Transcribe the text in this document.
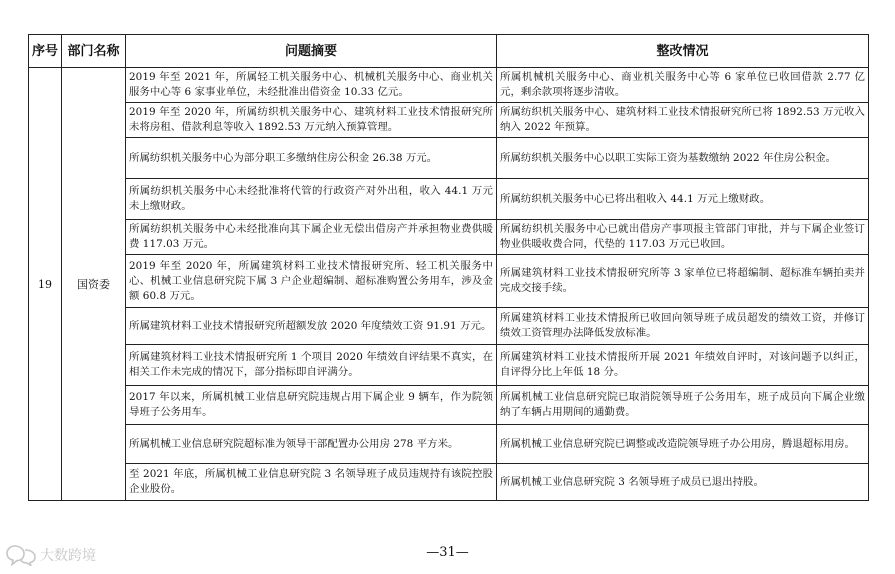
序号	部门名称	问题摘要	整改情况
19	国资委	2019 年至 2021 年，所属轻工机关服务中心、机械机关服务中心、商业机关服务中心等 6 家事业单位，未经批准出借资金 10.33 亿元。	所属机械机关服务中心、商业机关服务中心等 6 家单位已收回借款 2.77 亿元，剩余款项将逐步清收。
		2019 年至 2020 年，所属纺织机关服务中心、建筑材料工业技术情报研究所未将房租、借款利息等收入 1892.53 万元纳入预算管理。	所属纺织机关服务中心、建筑材料工业技术情报研究所已将 1892.53 万元收入纳入 2022 年预算。
		所属纺织机关服务中心为部分职工多缴纳住房公积金 26.38 万元。	所属纺织机关服务中心以职工实际工资为基数缴纳 2022 年住房公积金。
		所属纺织机关服务中心未经批准将代管的行政资产对外出租，收入 44.1 万元未上缴财政。	所属纺织机关服务中心已将出租收入 44.1 万元上缴财政。
		所属纺织机关服务中心未经批准向其下属企业无偿出借房产并承担物业费供暖费 117.03 万元。	所属纺织机关服务中心已就出借房产事项报主管部门审批，并与下属企业签订物业供暖收费合同，代垫的 117.03 万元已收回。
		2019 年至 2020 年，所属建筑材料工业技术情报研究所、轻工机关服务中心、机械工业信息研究院下属 3 户企业超编制、超标准购置公务用车，涉及金额 60.8 万元。	所属建筑材料工业技术情报研究所等 3 家单位已将超编制、超标准车辆拍卖并完成交接手续。
		所属建筑材料工业技术情报研究所超额发放 2020 年度绩效工资 91.91 万元。	所属建筑材料工业技术情报所已收回向领导班子成员超发的绩效工资，并修订绩效工资管理办法降低发放标准。
		所属建筑材料工业技术情报研究所 1 个项目 2020 年绩效自评结果不真实，在相关工作未完成的情况下，部分指标即自评满分。	所属建筑材料工业技术情报所开展 2021 年绩效自评时，对该问题予以纠正，自评得分比上年低 18 分。
		2017 年以来，所属机械工业信息研究院违规占用下属企业 9 辆车，作为院领导班子公务用车。	所属机械工业信息研究院已取消院领导班子公务用车，班子成员向下属企业缴纳了车辆占用期间的通勤费。
		所属机械工业信息研究院超标准为领导干部配置办公用房 278 平方米。	所属机械工业信息研究院已调整或改造院领导班子办公用房，腾退超标用房。
		至 2021 年底，所属机械工业信息研究院 3 名领导班子成员违规持有该院控股企业股份。	所属机械工业信息研究院 3 名领导班子成员已退出持股。
—31—
大数跨境
